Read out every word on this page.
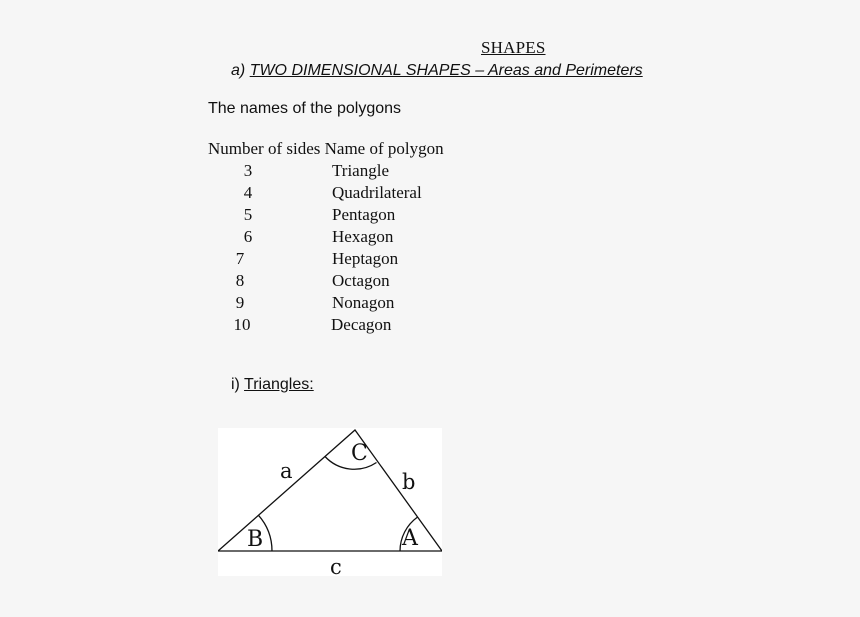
SHAPES
a) TWO DIMENSIONAL SHAPES – Areas and Perimeters
The names of the polygons
Number of sides Name of polygon
3	Triangle
4	Quadrilateral
5	Pentagon
6	Hexagon
7	Heptagon
8	Octagon
9	Nonagon
10	Decagon
i) Triangles:
C
B	A
a	b
c
